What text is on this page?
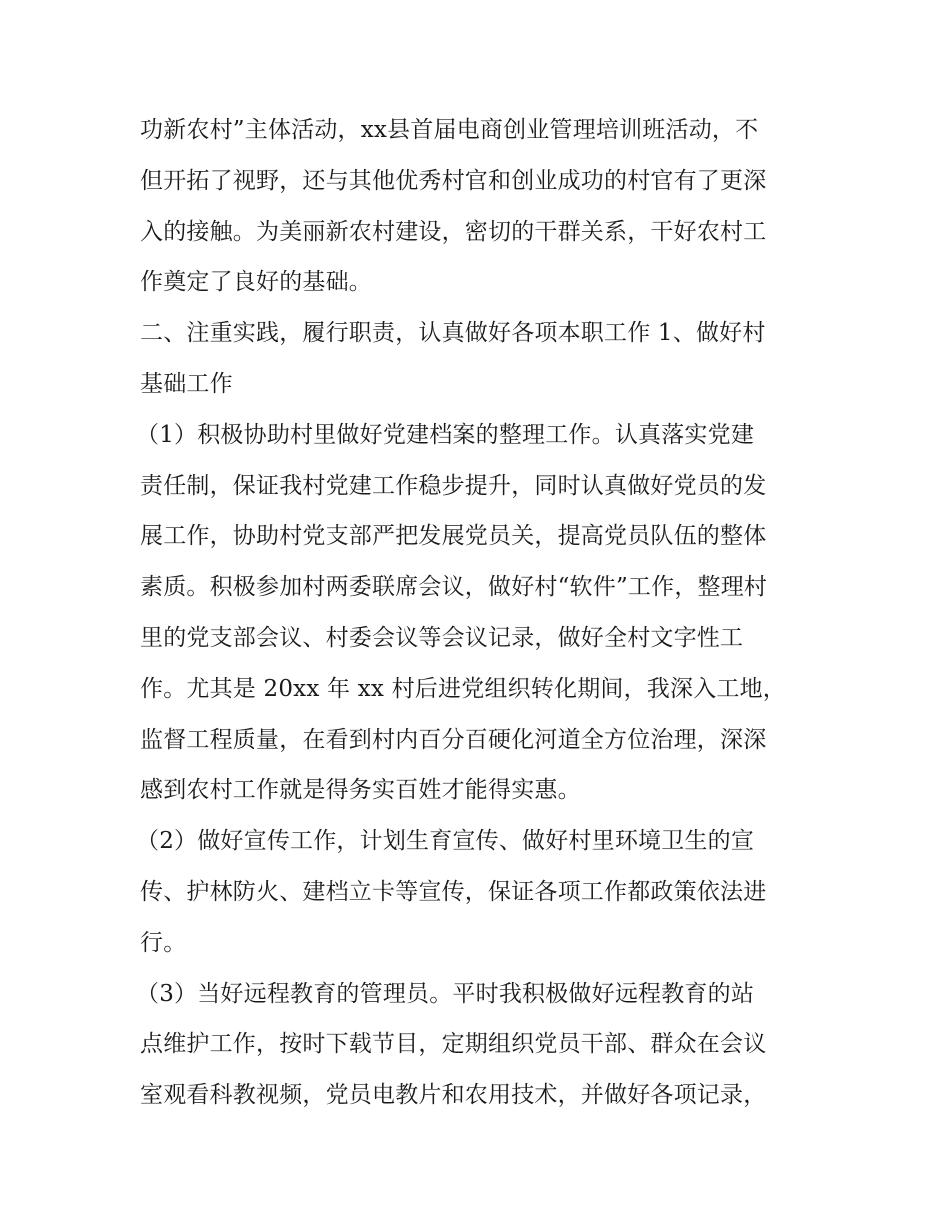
功新农村”主体活动，xx县首届电商创业管理培训班活动，不
但开拓了视野，还与其他优秀村官和创业成功的村官有了更深
入的接触。为美丽新农村建设，密切的干群关系，干好农村工
作奠定了良好的基础。
二、注重实践，履行职责，认真做好各项本职工作 1、做好村
基础工作
（1）积极协助村里做好党建档案的整理工作。认真落实党建
责任制，保证我村党建工作稳步提升，同时认真做好党员的发
展工作，协助村党支部严把发展党员关，提高党员队伍的整体
素质。积极参加村两委联席会议，做好村“软件”工作，整理村
里的党支部会议、村委会议等会议记录，做好全村文字性工
作。尤其是 20xx 年 xx 村后进党组织转化期间，我深入工地，
监督工程质量，在看到村内百分百硬化河道全方位治理，深深
感到农村工作就是得务实百姓才能得实惠。
（2）做好宣传工作，计划生育宣传、做好村里环境卫生的宣
传、护林防火、建档立卡等宣传，保证各项工作都政策依法进
行。
（3）当好远程教育的管理员。平时我积极做好远程教育的站
点维护工作，按时下载节目，定期组织党员干部、群众在会议
室观看科教视频，党员电教片和农用技术，并做好各项记录，
